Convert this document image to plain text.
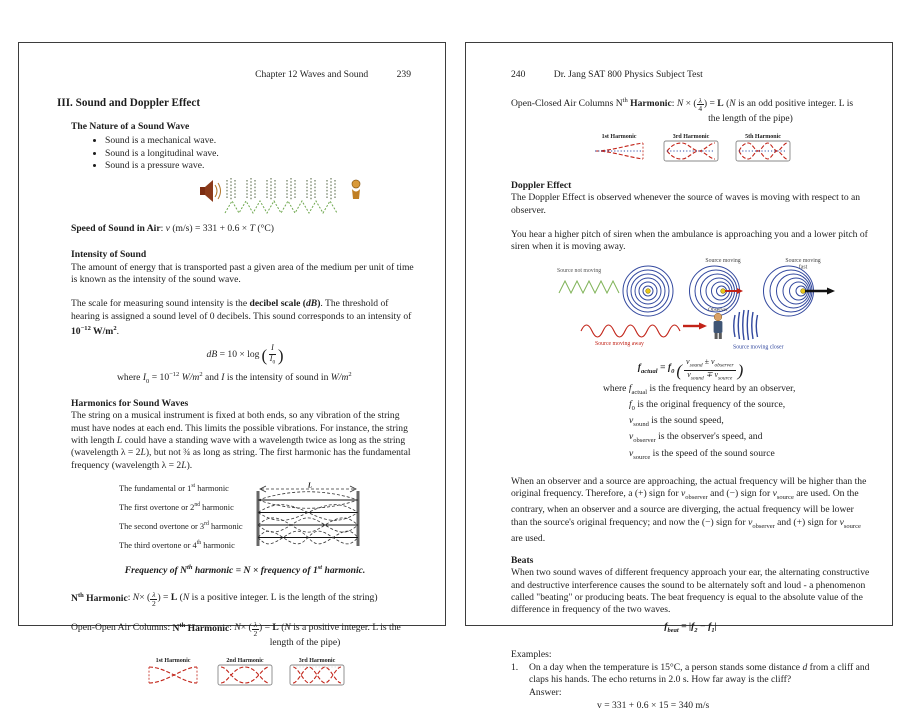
Chapter 12 Waves and Sound	239
III. Sound and Doppler Effect
The Nature of a Sound Wave
• Sound is a mechanical wave.
• Sound is a longitudinal wave.
• Sound is a pressure wave.
Speed of Sound in Air: v (m/s) = 331 + 0.6 × T (°C)
Intensity of Sound

The amount of energy that is transported past a given area of the medium per unit of time is known as the intensity of the sound wave.

The scale for measuring sound intensity is the decibel scale (dB). The threshold of hearing is assigned a sound level of 0 decibels. This sound corresponds to an intensity of $10^{-12}$ $W/m^2$.

dB = 10 × log ( $\frac{I}{I_0}$ )
where $I_0 = 10^{-12}$ $W/m^2$ and I is the intensity of sound in $W/m^2$
Harmonics for Sound Waves

The string on a musical instrument is fixed at both ends, so any vibration of the string must have nodes at each end. This limits the possible vibrations. For instance, the string with length L could have a standing wave with a wavelength twice as long as the string (wavelength λ = 2L), but not ¾ as long as string. The first harmonic has the fundamental frequency (wavelength λ = 2L).

The fundamental or 1st harmonic
The first overtone or 2nd harmonic
The second overtone or 3rd harmonic
The third overtone or 4th harmonic
L
Frequency of $N^{th}$ harmonic = N × frequency of 1st harmonic.
$N^{th}$ Harmonic: N× ( $\frac{\lambda}{2}$ ) = L (N is a positive integer. L is the length of the string)
Open-Open Air Columns: $N^{th}$ Harmonic: N× ( $\frac{\lambda}{2}$ ) = L (N is a positive integer. L is the
length of the pipe)
1st Harmonic	2nd Harmonic	3rd Harmonic
240	Dr. Jang SAT 800 Physics Subject Test
Open-Closed Air Columns $N^{th}$ Harmonic: N × ( $\frac{\lambda}{4}$ ) = L (N is an odd positive integer. L is
the length of the pipe)
1st Harmonic	3rd Harmonic	5th Harmonic
Doppler Effect

The Doppler Effect is observed whenever the source of waves is moving with respect to an observer.

You hear a higher pitch of siren when the ambulance is approaching you and a lower pitch of siren when it is moving away.

Source not moving
Source moving	Source moving
fast
Source moving away
Observer
Source moving closer
$f_{actual} = f_0$ ( $\frac{v_{sound} \pm v_{observer}}{v_{sound} \mp v_{source}}$ )
where $f_{actual}$ is the frequency heard by an observer,
$f_0$ is the original frequency of the source,
$v_{sound}$ is the sound speed,
$v_{observer}$ is the observer's speed, and
$v_{source}$ is the speed of the sound source

When an observer and a source are approaching, the actual frequency will be higher than the original frequency. Therefore, a (+) sign for $v_{observer}$ and (−) sign for $v_{source}$ are used. On the contrary, when an observer and a source are diverging, the actual frequency will be lower than the source's original frequency; and now the (−) sign for $v_{observer}$ and (+) sign for $v_{source}$ are used.

Beats

When two sound waves of different frequency approach your ear, the alternating constructive and destructive interference causes the sound to be alternately soft and loud - a phenomenon called "beating" or producing beats. The beat frequency is equal to the absolute value of the difference in frequency of the two waves.

$f_{beat} = |f_2 - f_1|$
Examples:
1.	On a day when the temperature is 15°C, a person stands some distance d from a cliff and claps his hands. The echo returns in 2.0 s. How far away is the cliff?
Answer:
v = 331 + 0.6 × 15 = 340 m/s
